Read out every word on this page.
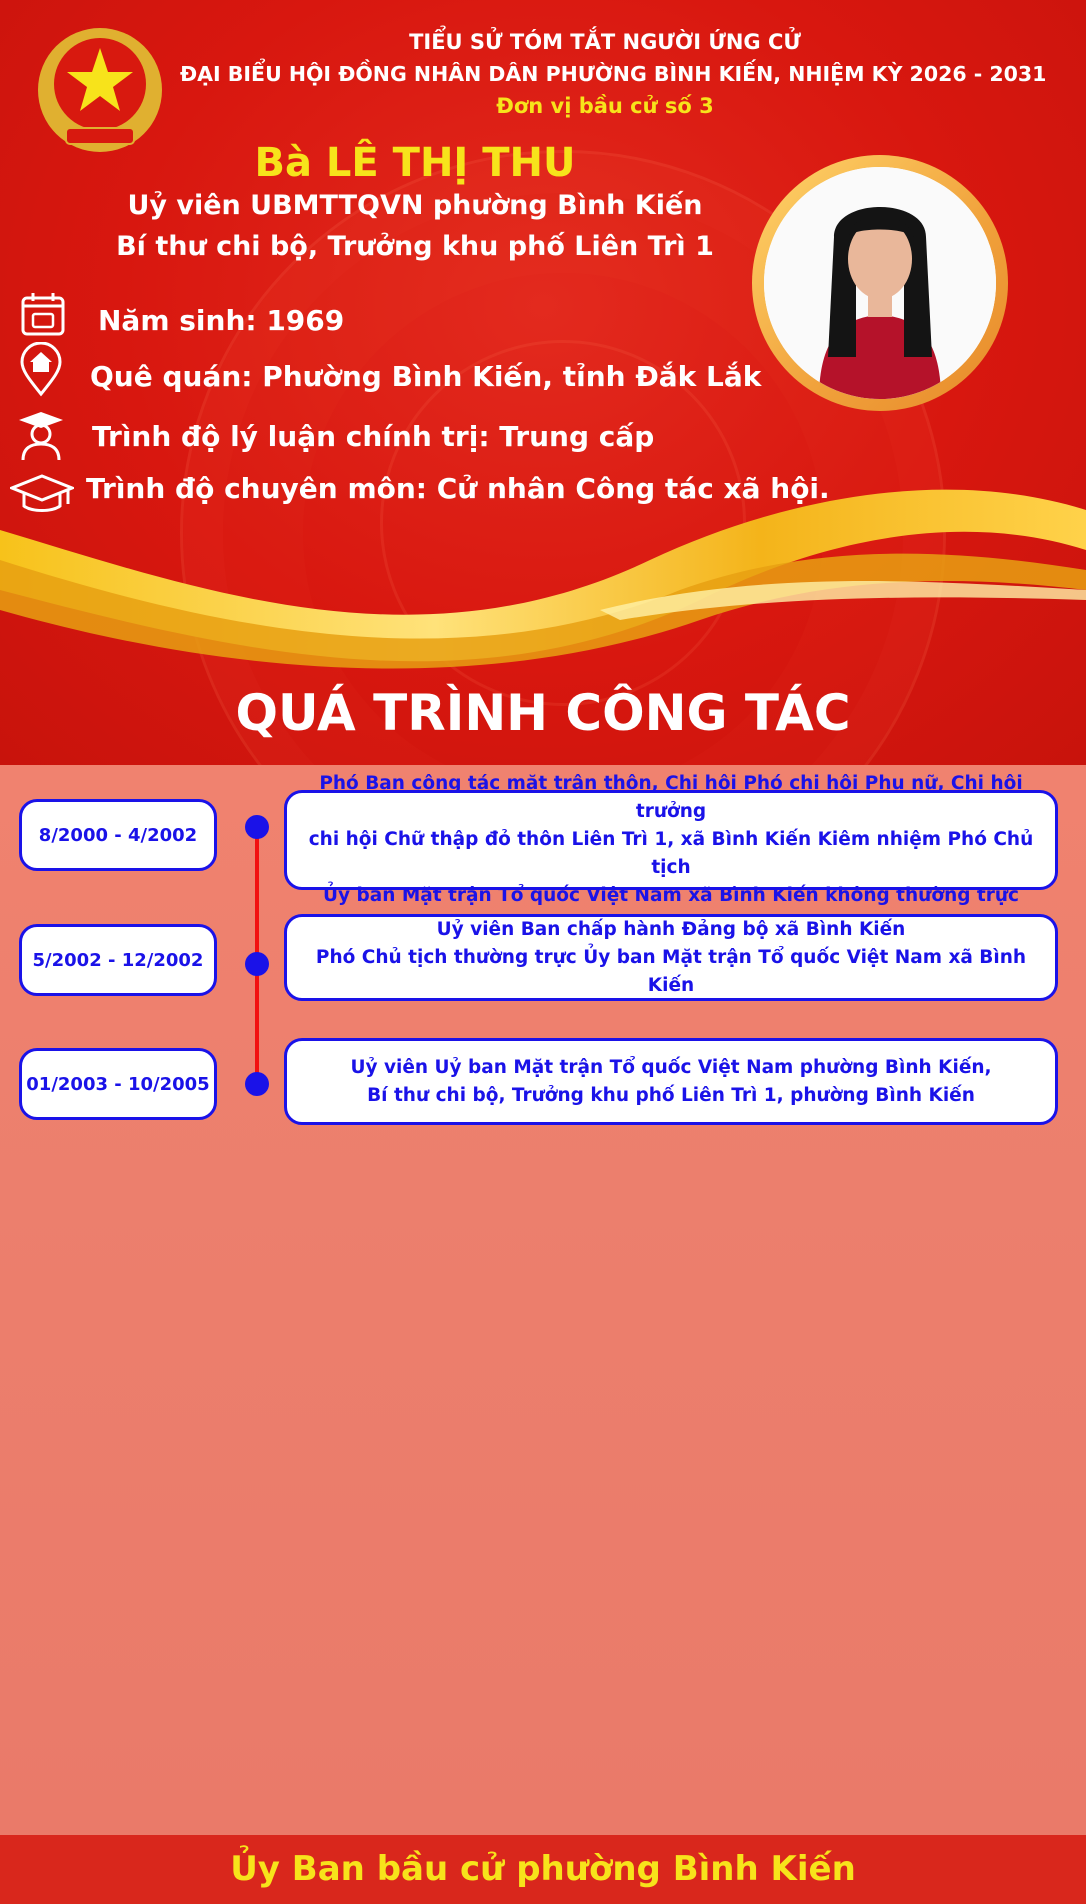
TIỂU SỬ TÓM TẮT NGƯỜI ỨNG CỬ
ĐẠI BIỂU HỘI ĐỒNG NHÂN DÂN PHƯỜNG BÌNH KIẾN, NHIỆM KỲ 2026 - 2031
Đơn vị bầu cử số 3
Bà LÊ THỊ THU
Uỷ viên UBMTTQVN phường Bình Kiến
Bí thư chi bộ, Trưởng khu phố Liên Trì 1
Năm sinh: 1969
Quê quán: Phường Bình Kiến, tỉnh Đắk Lắk
Trình độ lý luận chính trị: Trung cấp
Trình độ chuyên môn: Cử nhân Công tác xã hội.
QUÁ TRÌNH CÔNG TÁC
8/2000 - 4/2002
Phó Ban công tác mặt trận thôn, Chi hội Phó chi hội Phụ nữ, Chi hội trưởng
chi hội Chữ thập đỏ thôn Liên Trì 1, xã Bình Kiến Kiêm nhiệm Phó Chủ tịch
Ủy ban Mặt trận Tổ quốc Việt Nam xã Bình Kiến không thường trực
5/2002 - 12/2002
Uỷ viên Ban chấp hành Đảng bộ xã Bình Kiến
Phó Chủ tịch thường trực Ủy ban Mặt trận Tổ quốc Việt Nam xã Bình Kiến
01/2003 - 10/2005
Uỷ viên Uỷ ban Mặt trận Tổ quốc Việt Nam phường Bình Kiến,
Bí thư chi bộ, Trưởng khu phố Liên Trì 1, phường Bình Kiến
Ủy Ban bầu cử phường Bình Kiến
